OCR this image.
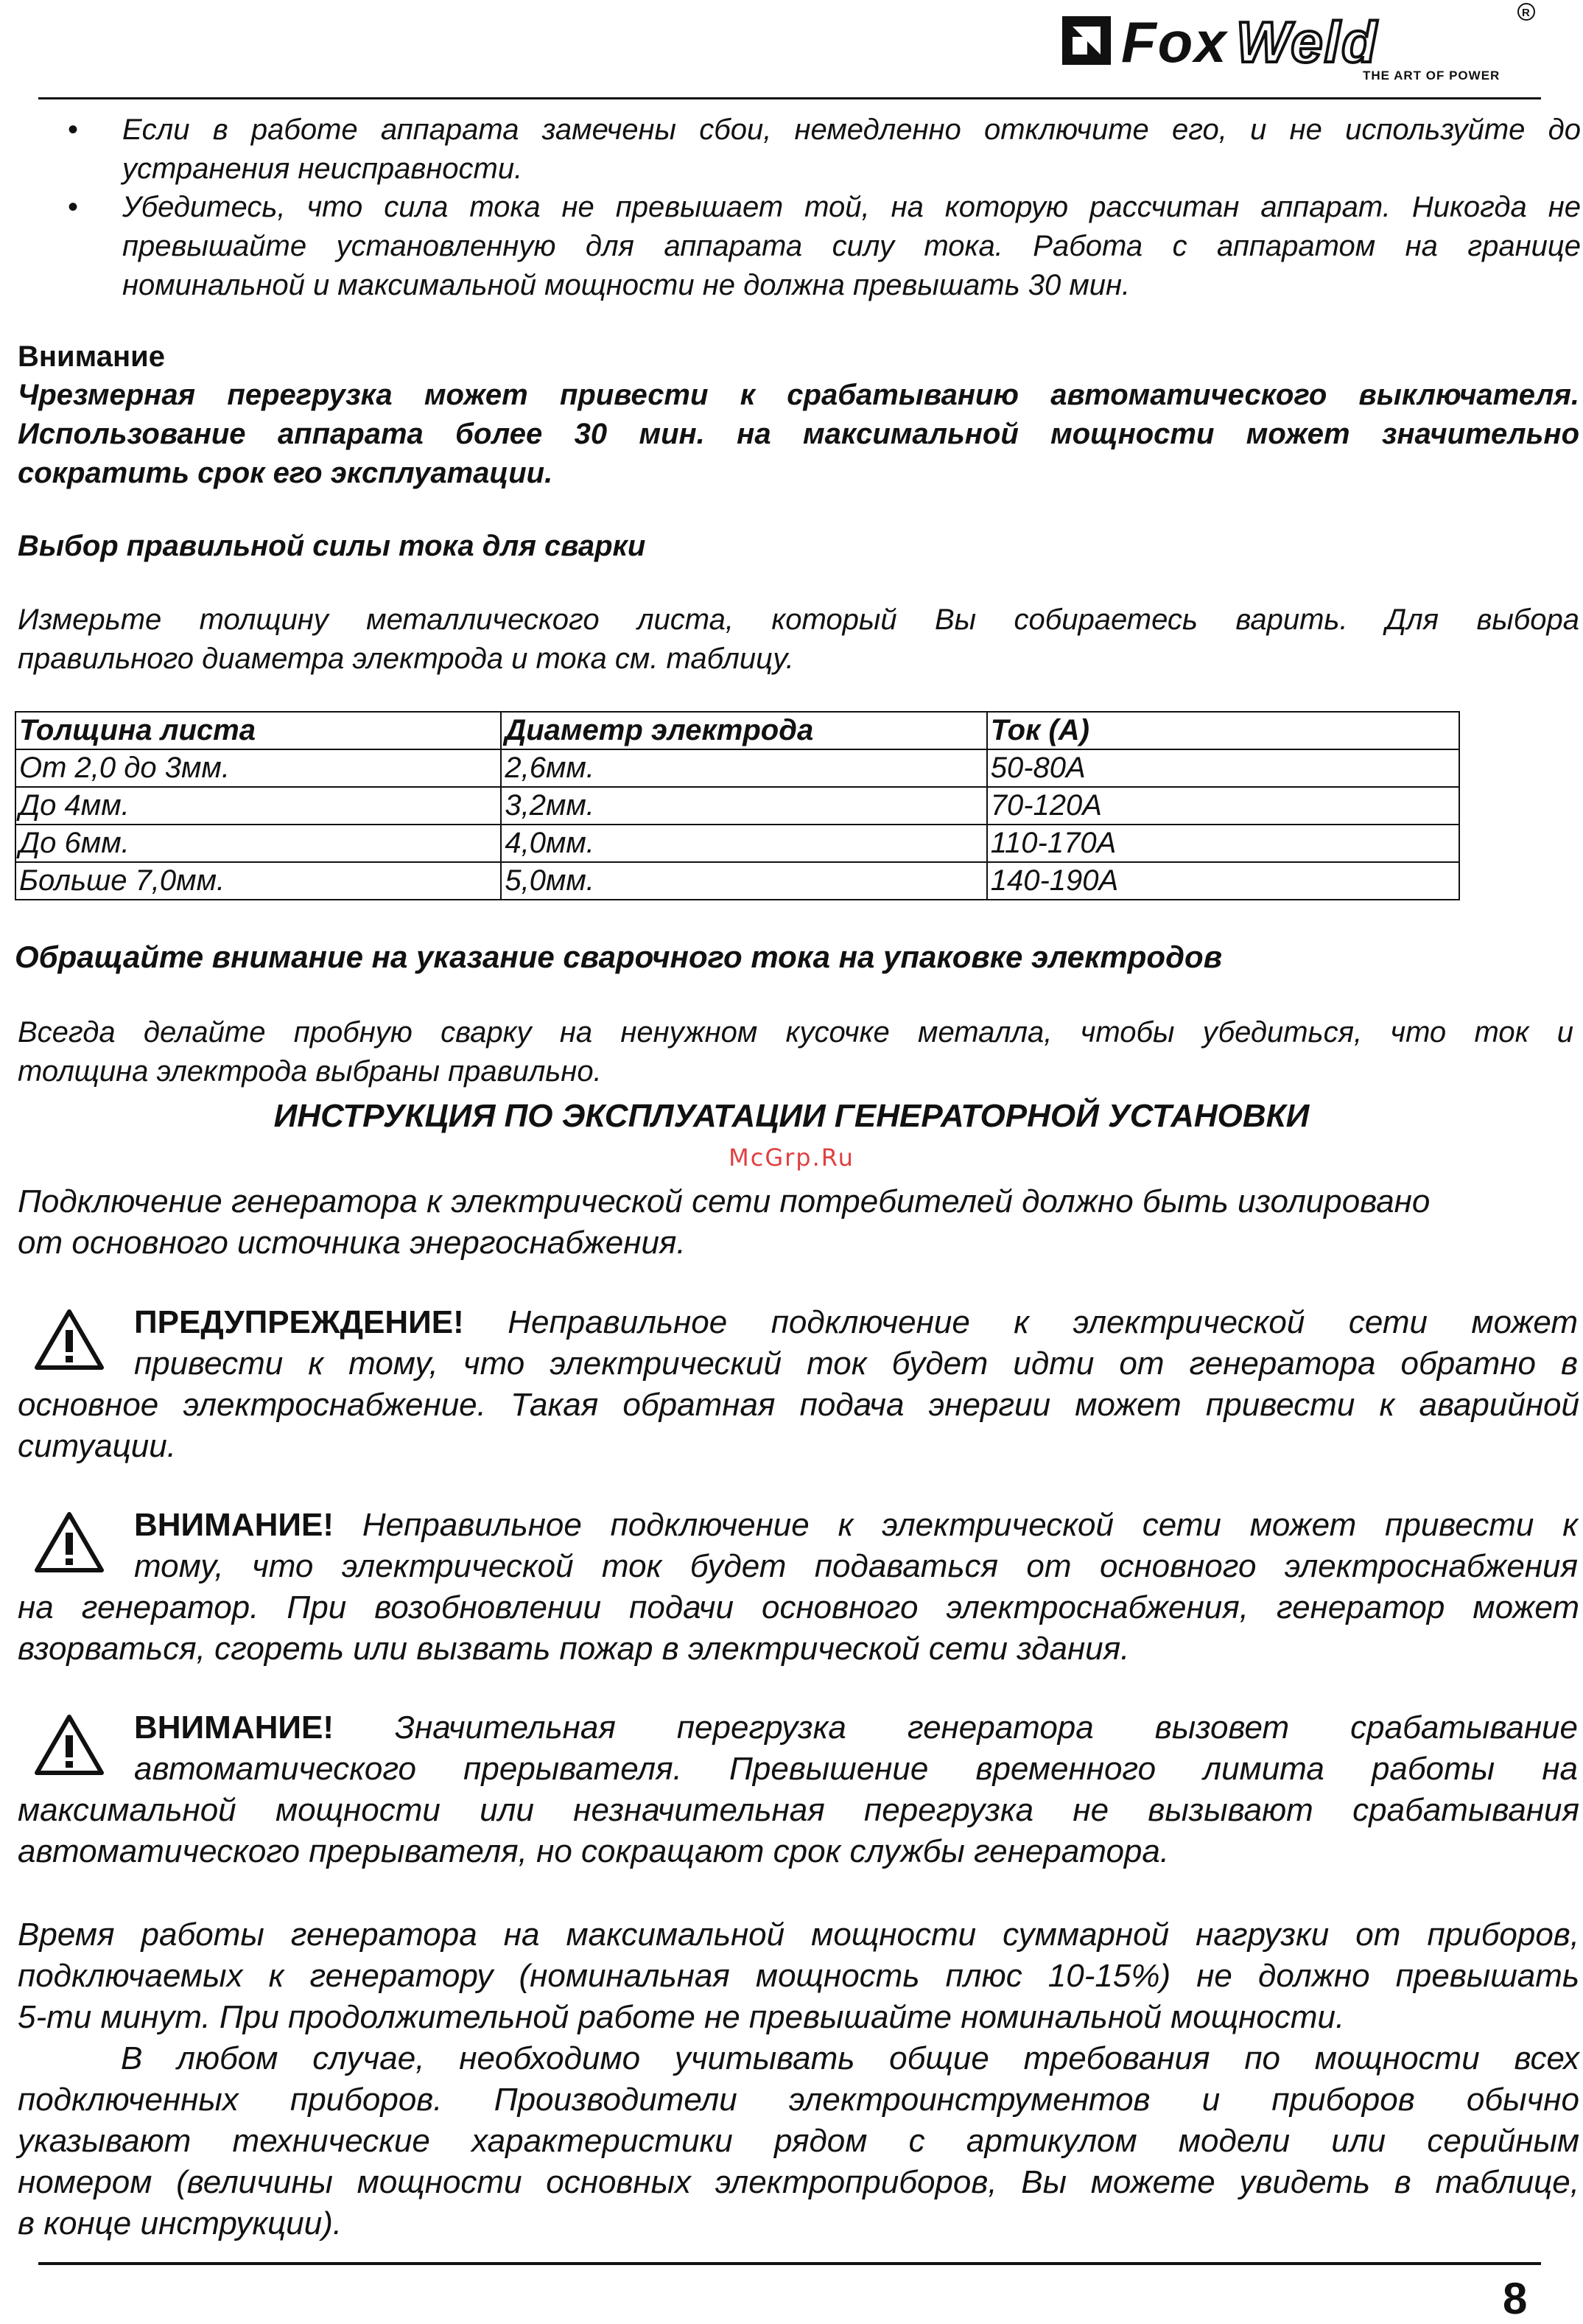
Fox Weld	R
THE ART OF POWER
• Если в работе аппарата замечены сбои, немедленно отключите его, и не используйте до
устранения неисправности.
• Убедитесь, что сила тока не превышает той, на которую рассчитан аппарат. Никогда не
превышайте установленную для аппарата силу тока. Работа с аппаратом на границе
номинальной и максимальной мощности не должна превышать 30 мин.
Внимание
Чрезмерная перегрузка может привести к срабатыванию автоматического выключателя.
Использование аппарата более 30 мин. на максимальной мощности может значительно
сократить срок его эксплуатации.
Выбор правильной силы тока для сварки
Измерьте толщину металлического листа, который Вы собираетесь варить. Для выбора
правильного диаметра электрода и тока см. таблицу.
Толщина листа	Диаметр электрода	Ток (А)
От 2,0 до 3мм.	2,6мм.	50-80А
До 4мм.	3,2мм.	70-120А
До 6мм.	4,0мм.	110-170А
Больше 7,0мм.	5,0мм.	140-190А
Обращайте внимание на указание сварочного тока на упаковке электродов
Всегда делайте пробную сварку на ненужном кусочке металла, чтобы убедиться, что ток и
толщина электрода выбраны правильно.
ИНСТРУКЦИЯ ПО ЭКСПЛУАТАЦИИ ГЕНЕРАТОРНОЙ УСТАНОВКИ
McGrp.Ru
Подключение генератора к электрической сети потребителей должно быть изолировано
от основного источника энергоснабжения.
ПРЕДУПРЕЖДЕНИЕ! Неправильное подключение к электрической сети может
привести к тому, что электрический ток будет идти от генератора обратно в
основное электроснабжение. Такая обратная подача энергии может привести к аварийной
ситуации.
ВНИМАНИЕ! Неправильное подключение к электрической сети может привести к
тому, что электрической ток будет подаваться от основного электроснабжения
на генератор. При возобновлении подачи основного электроснабжения, генератор может
взорваться, сгореть или вызвать пожар в электрической сети здания.
ВНИМАНИЕ! Значительная перегрузка генератора вызовет срабатывание
автоматического прерывателя. Превышение временного лимита работы на
максимальной мощности или незначительная перегрузка не вызывают срабатывания
автоматического прерывателя, но сокращают срок службы генератора.
Время работы генератора на максимальной мощности суммарной нагрузки от приборов,
подключаемых к генератору (номинальная мощность плюс 10-15%) не должно превышать
5-ти минут. При продолжительной работе не превышайте номинальной мощности.
В любом случае, необходимо учитывать общие требования по мощности всех
подключенных приборов. Производители электроинструментов и приборов обычно
указывают технические характеристики рядом с артикулом модели или серийным
номером (величины мощности основных электроприборов, Вы можете увидеть в таблице,
в конце инструкции).
8
